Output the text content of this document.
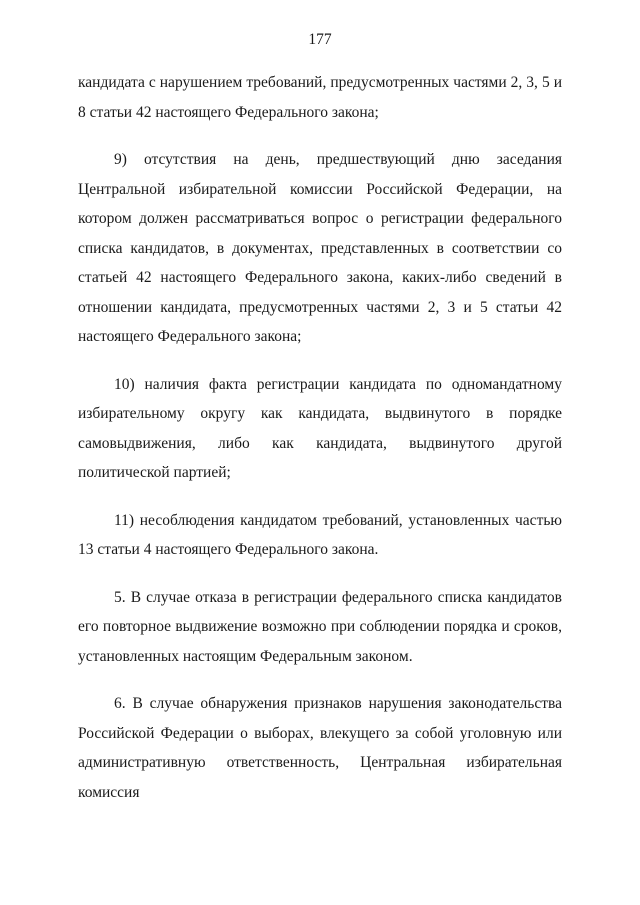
177

кандидата с нарушением требований, предусмотренных частями 2, 3, 5 и 8 статьи 42 настоящего Федерального закона;

9) отсутствия на день, предшествующий дню заседания Центральной избирательной комиссии Российской Федерации, на котором должен рассматриваться вопрос о регистрации федерального списка кандидатов, в документах, представленных в соответствии со статьей 42 настоящего Федерального закона, каких-либо сведений в отношении кандидата, предусмотренных частями 2, 3 и 5 статьи 42 настоящего Федерального закона;

10) наличия факта регистрации кандидата по одномандатному избирательному округу как кандидата, выдвинутого в порядке самовыдвижения, либо как кандидата, выдвинутого другой политической партией;

11) несоблюдения кандидатом требований, установленных частью 13 статьи 4 настоящего Федерального закона.

5. В случае отказа в регистрации федерального списка кандидатов его повторное выдвижение возможно при соблюдении порядка и сроков, установленных настоящим Федеральным законом.

6. В случае обнаружения признаков нарушения законодательства Российской Федерации о выборах, влекущего за собой уголовную или административную ответственность, Центральная избирательная комиссия
